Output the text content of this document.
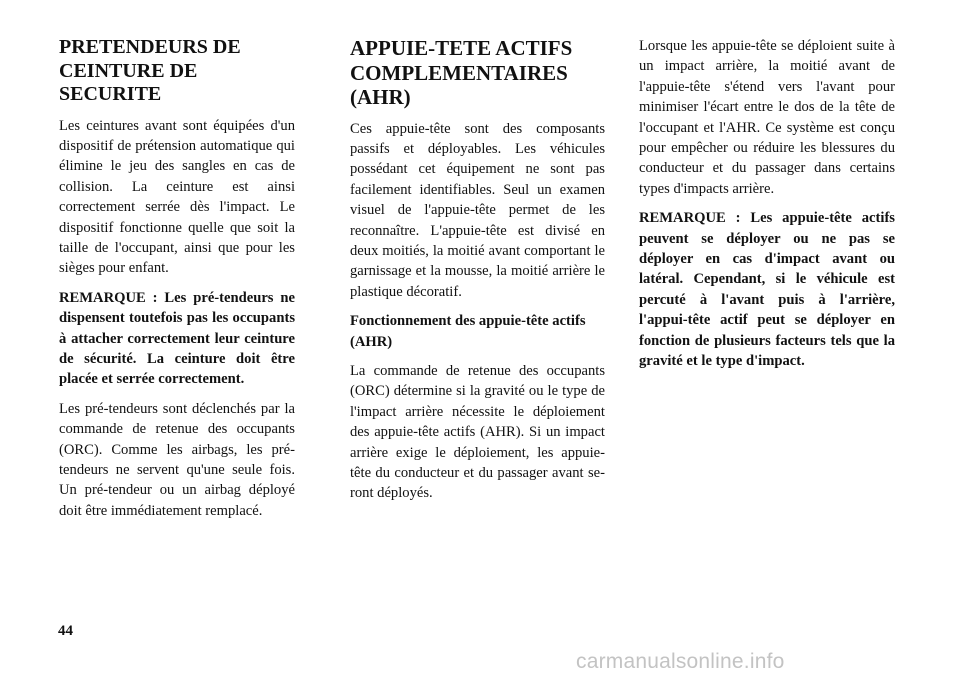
PRETENDEURS DE CEINTURE DE SECURITE

Les ceintures avant sont équipées d'un dispositif de prétension automatique qui élimine le jeu des sangles en cas de collision. La ceinture est ainsi correctement serrée dès l'impact. Le dispositif fonctionne quelle que soit la taille de l'occupant, ainsi que pour les sièges pour enfant.

REMARQUE : Les pré-tendeurs ne dispensent toutefois pas les occupants à attacher correctement leur ceinture de sécurité. La ceinture doit être placée et serrée correctement.

Les pré-tendeurs sont déclenchés par la commande de retenue des occupants (ORC). Comme les airbags, les pré-tendeurs ne servent qu'une seule fois. Un pré-tendeur ou un airbag déployé doit être immédiatement remplacé.

APPUIE-TETE ACTIFS COMPLEMENTAIRES (AHR)

Ces appuie-tête sont des composants passifs et déployables. Les véhicules possédant cet équipement ne sont pas facilement identifiables. Seul un examen visuel de l'appuie-tête permet de les reconnaître. L'appuie-tête est divisé en deux moitiés, la moitié avant comportant le garnissage et la mousse, la moitié arrière le plastique décoratif.

Fonctionnement des appuie-tête actifs (AHR)

La commande de retenue des occupants (ORC) détermine si la gravité ou le type de l'impact arrière nécessite le déploiement des appuie-tête actifs (AHR). Si un impact arrière exige le déploiement, les appuie-tête du conducteur et du passager avant seront déployés.

Lorsque les appuie-tête se déploient suite à un impact arrière, la moitié avant de l'appuie-tête s'étend vers l'avant pour minimiser l'écart entre le dos de la tête de l'occupant et l'AHR. Ce système est conçu pour empêcher ou réduire les blessures du conducteur et du passager dans certains types d'impacts arrière.

REMARQUE : Les appuie-tête actifs peuvent se déployer ou ne pas se déployer en cas d'impact avant ou latéral. Cependant, si le véhicule est percuté à l'avant puis à l'arrière, l'appui-tête actif peut se déployer en fonction de plusieurs facteurs tels que la gravité et le type d'impact.

44
carmanualsonline.info
